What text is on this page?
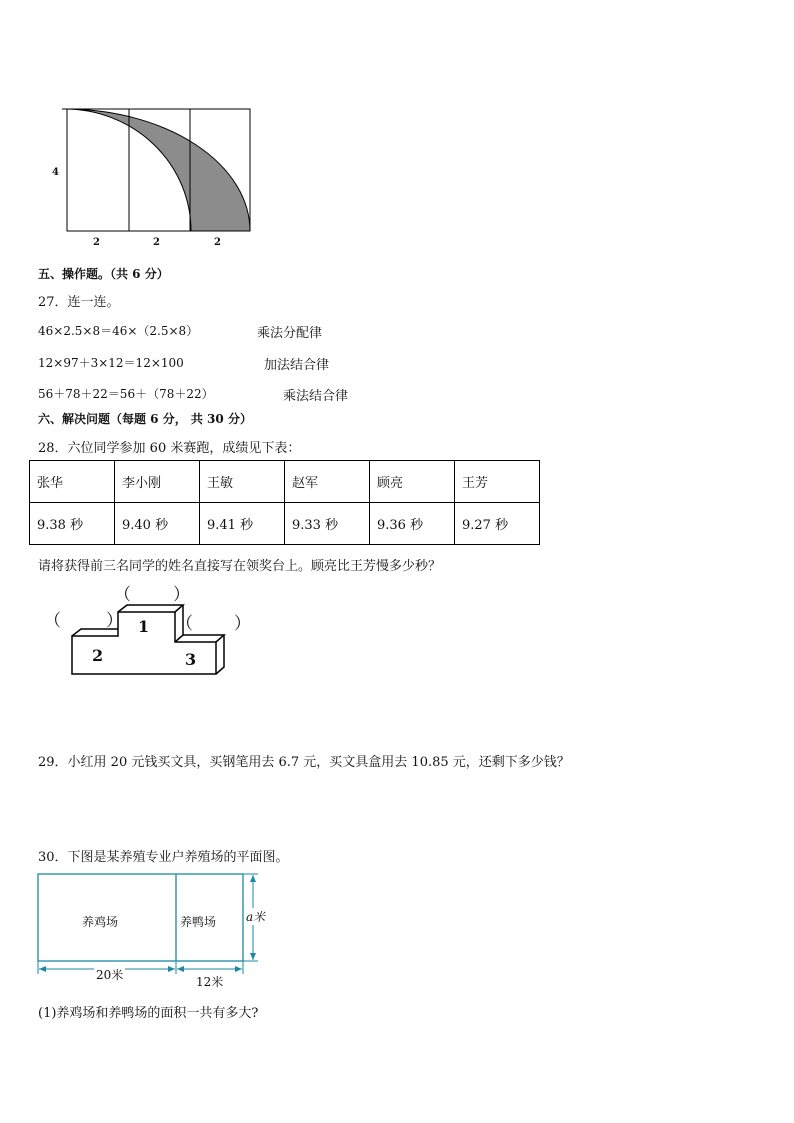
4
2	2	2
五、操作题。（共 6 分）
27．连一连。
46×2.5×8＝46×（2.5×8）	乘法分配律
12×97＋3×12＝12×100	加法结合律
56＋78＋22＝56＋（78＋22）	乘法结合律
六、解决问题（每题 6 分， 共 30 分）
28．六位同学参加 60 米赛跑，成绩见下表：
张华	李小刚	王敏	赵军	顾亮	王芳
9.38 秒	9.40 秒	9.41 秒	9.33 秒	9.36 秒	9.27 秒
请将获得前三名同学的姓名直接写在领奖台上。顾亮比王芳慢多少秒？
1
2	3
（ ）
（	）	（ ）
29．小红用 20 元钱买文具，买钢笔用去 6.7 元，买文具盒用去 10.85 元，还剩下多少钱？
30．下图是某养殖专业户养殖场的平面图。
养鸡场	养鸭场
20米	12米
a米
(1)养鸡场和养鸭场的面积一共有多大?
